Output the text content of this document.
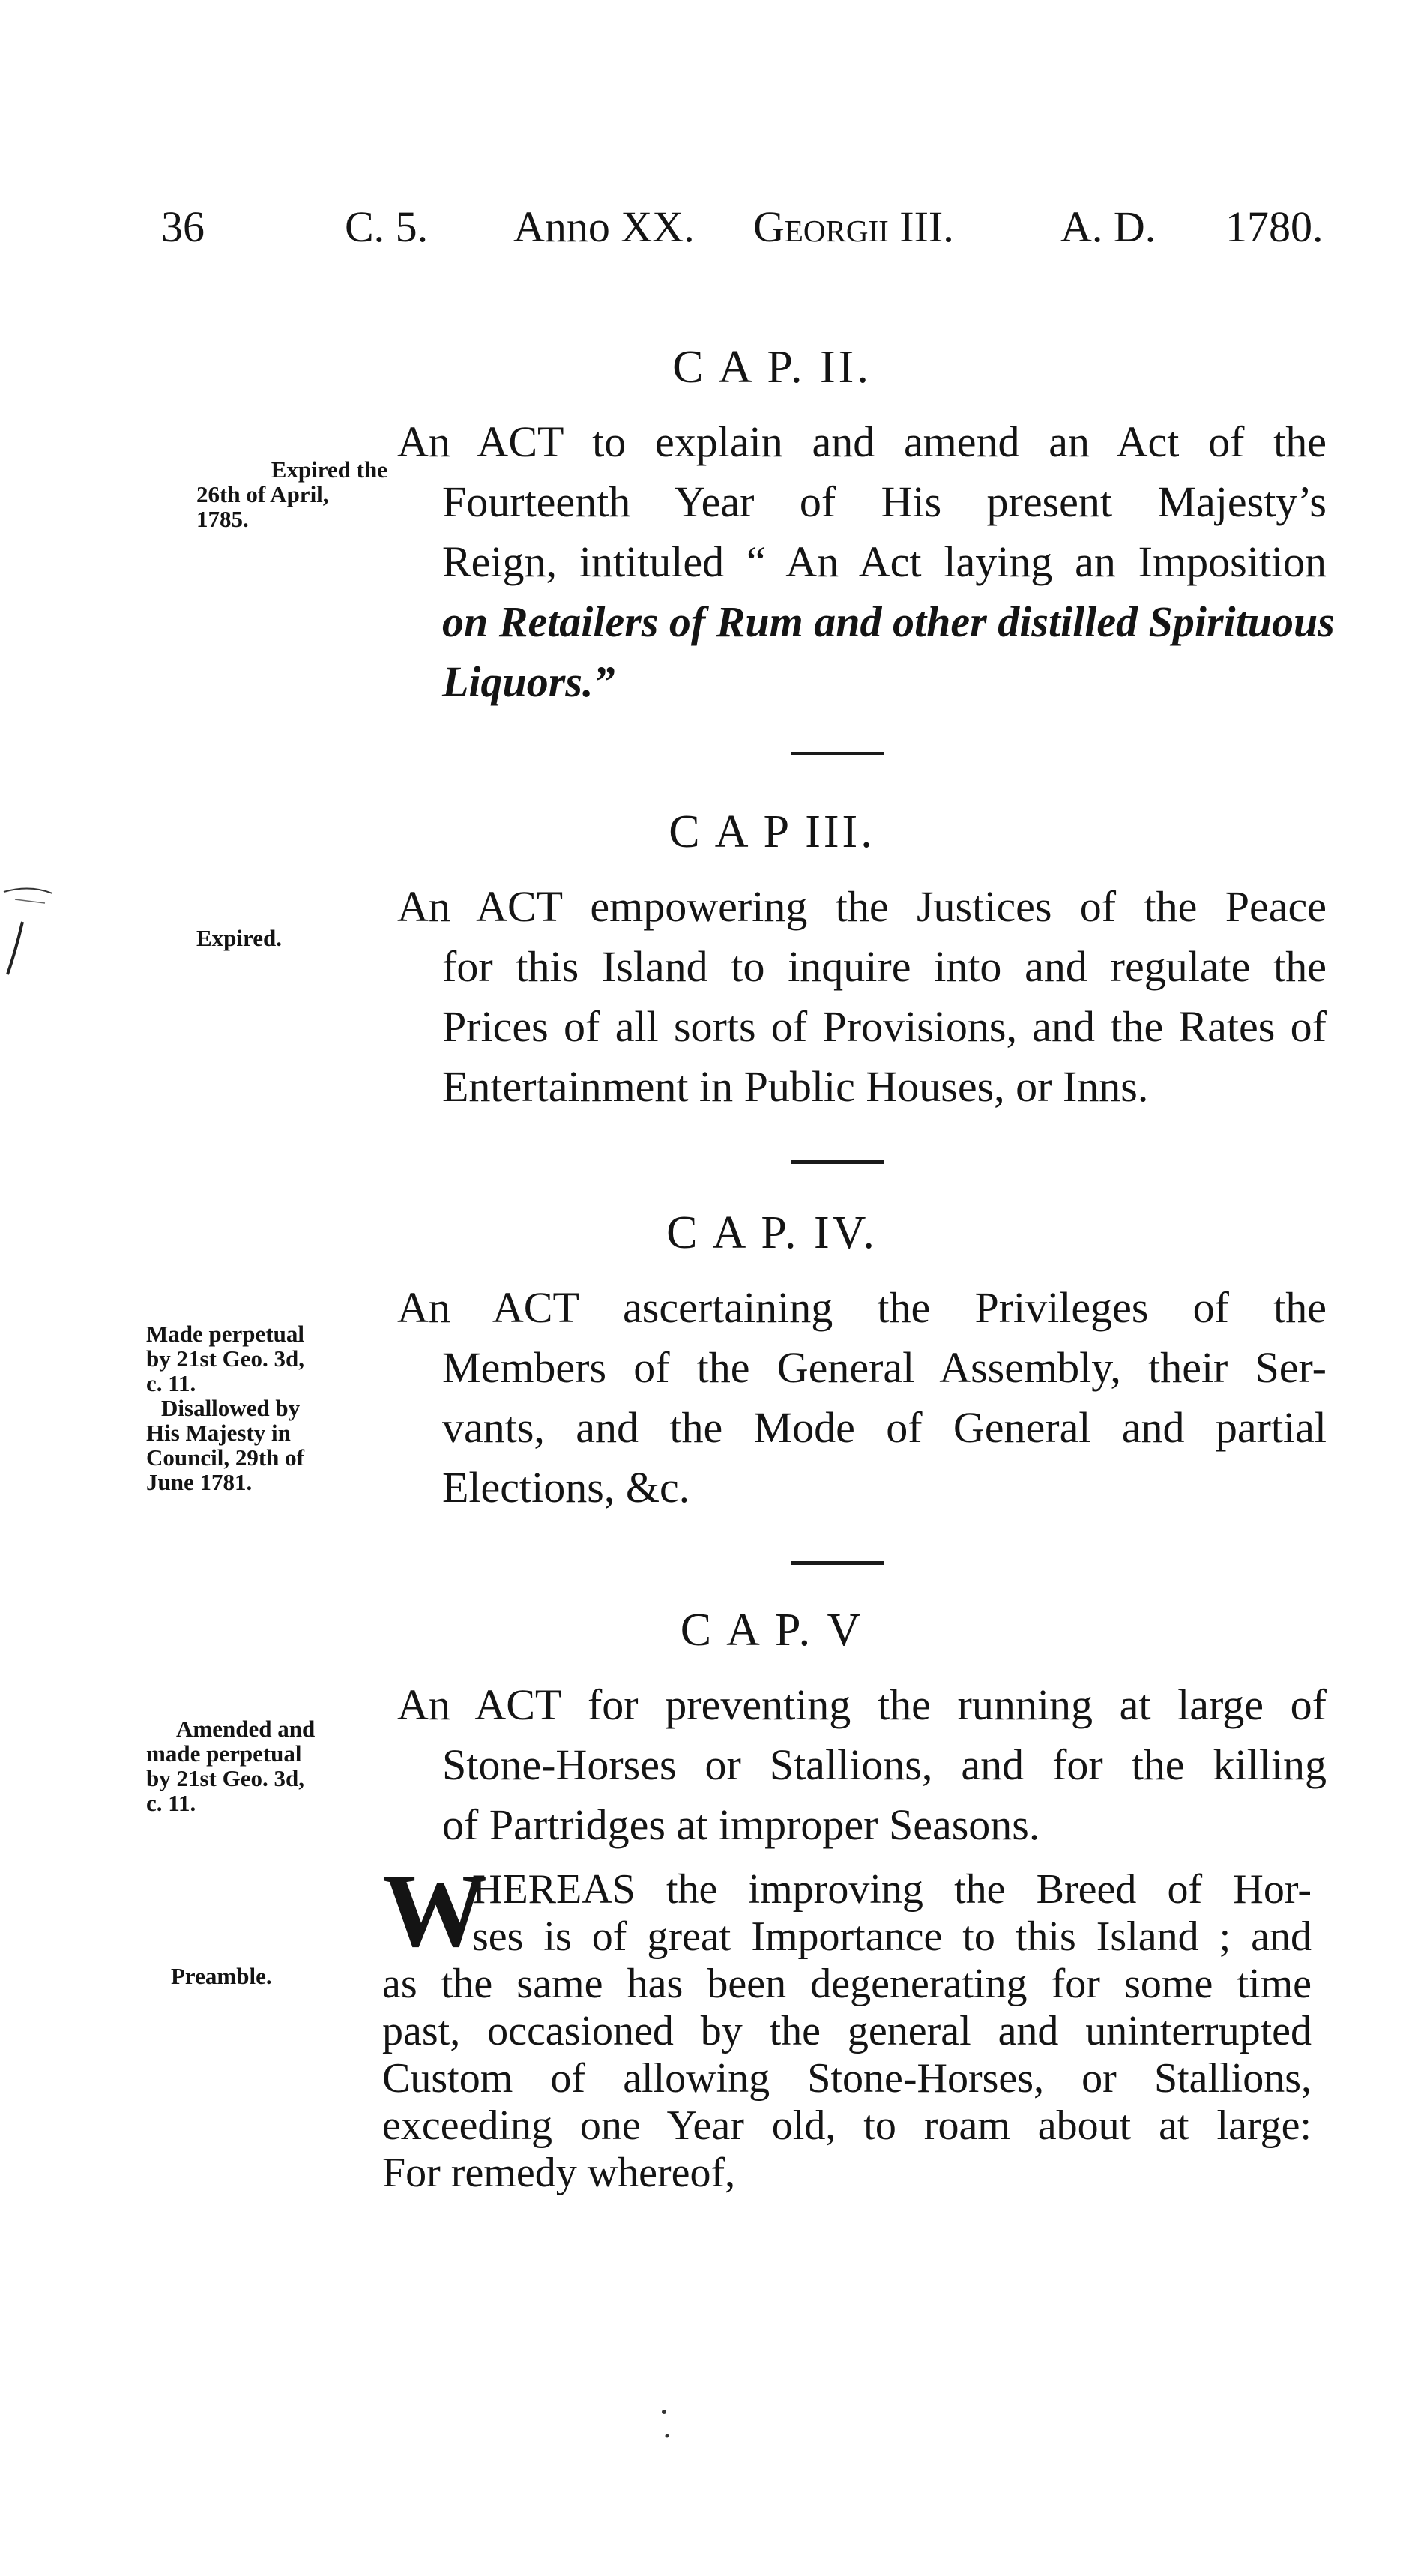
36	C. 5. Anno XX. Georgii III. A. D. 1780.
C A P. II.
Expired the
26th of April,
1785.
An ACT to explain and amend an Act of the
Fourteenth Year of His present Majesty’s
Reign, intituled “ An Act laying an Imposition
on Retailers of Rum and other distilled Spirituous
Liquors.”
C A P III.
Expired.
An ACT empowering the Justices of the Peace
for this Island to inquire into and regulate the
Prices of all sorts of Provisions, and the Rates of
Entertainment in Public Houses, or Inns.
C A P. IV.
Made perpetual
by 21st Geo. 3d,
c. 11.
Disallowed by
His Majesty in
Council, 29th of
June 1781.
An ACT ascertaining the Privileges of the
Members of the General Assembly, their Ser-
vants, and the Mode of General and partial
Elections, &c.
C A P. V
Amended and
made perpetual
by 21st Geo. 3d,
c. 11.
An ACT for preventing the running at large of
Stone-Horses or Stallions, and for the killing
of Partridges at improper Seasons.
Preamble.
W
HEREAS the improving the Breed of Hor-
ses is of great Importance to this Island ; and
as the same has been degenerating for some time
past, occasioned by the general and uninterrupted
Custom of allowing Stone-Horses, or Stallions,
exceeding one Year old, to roam about at large:
For remedy whereof,
